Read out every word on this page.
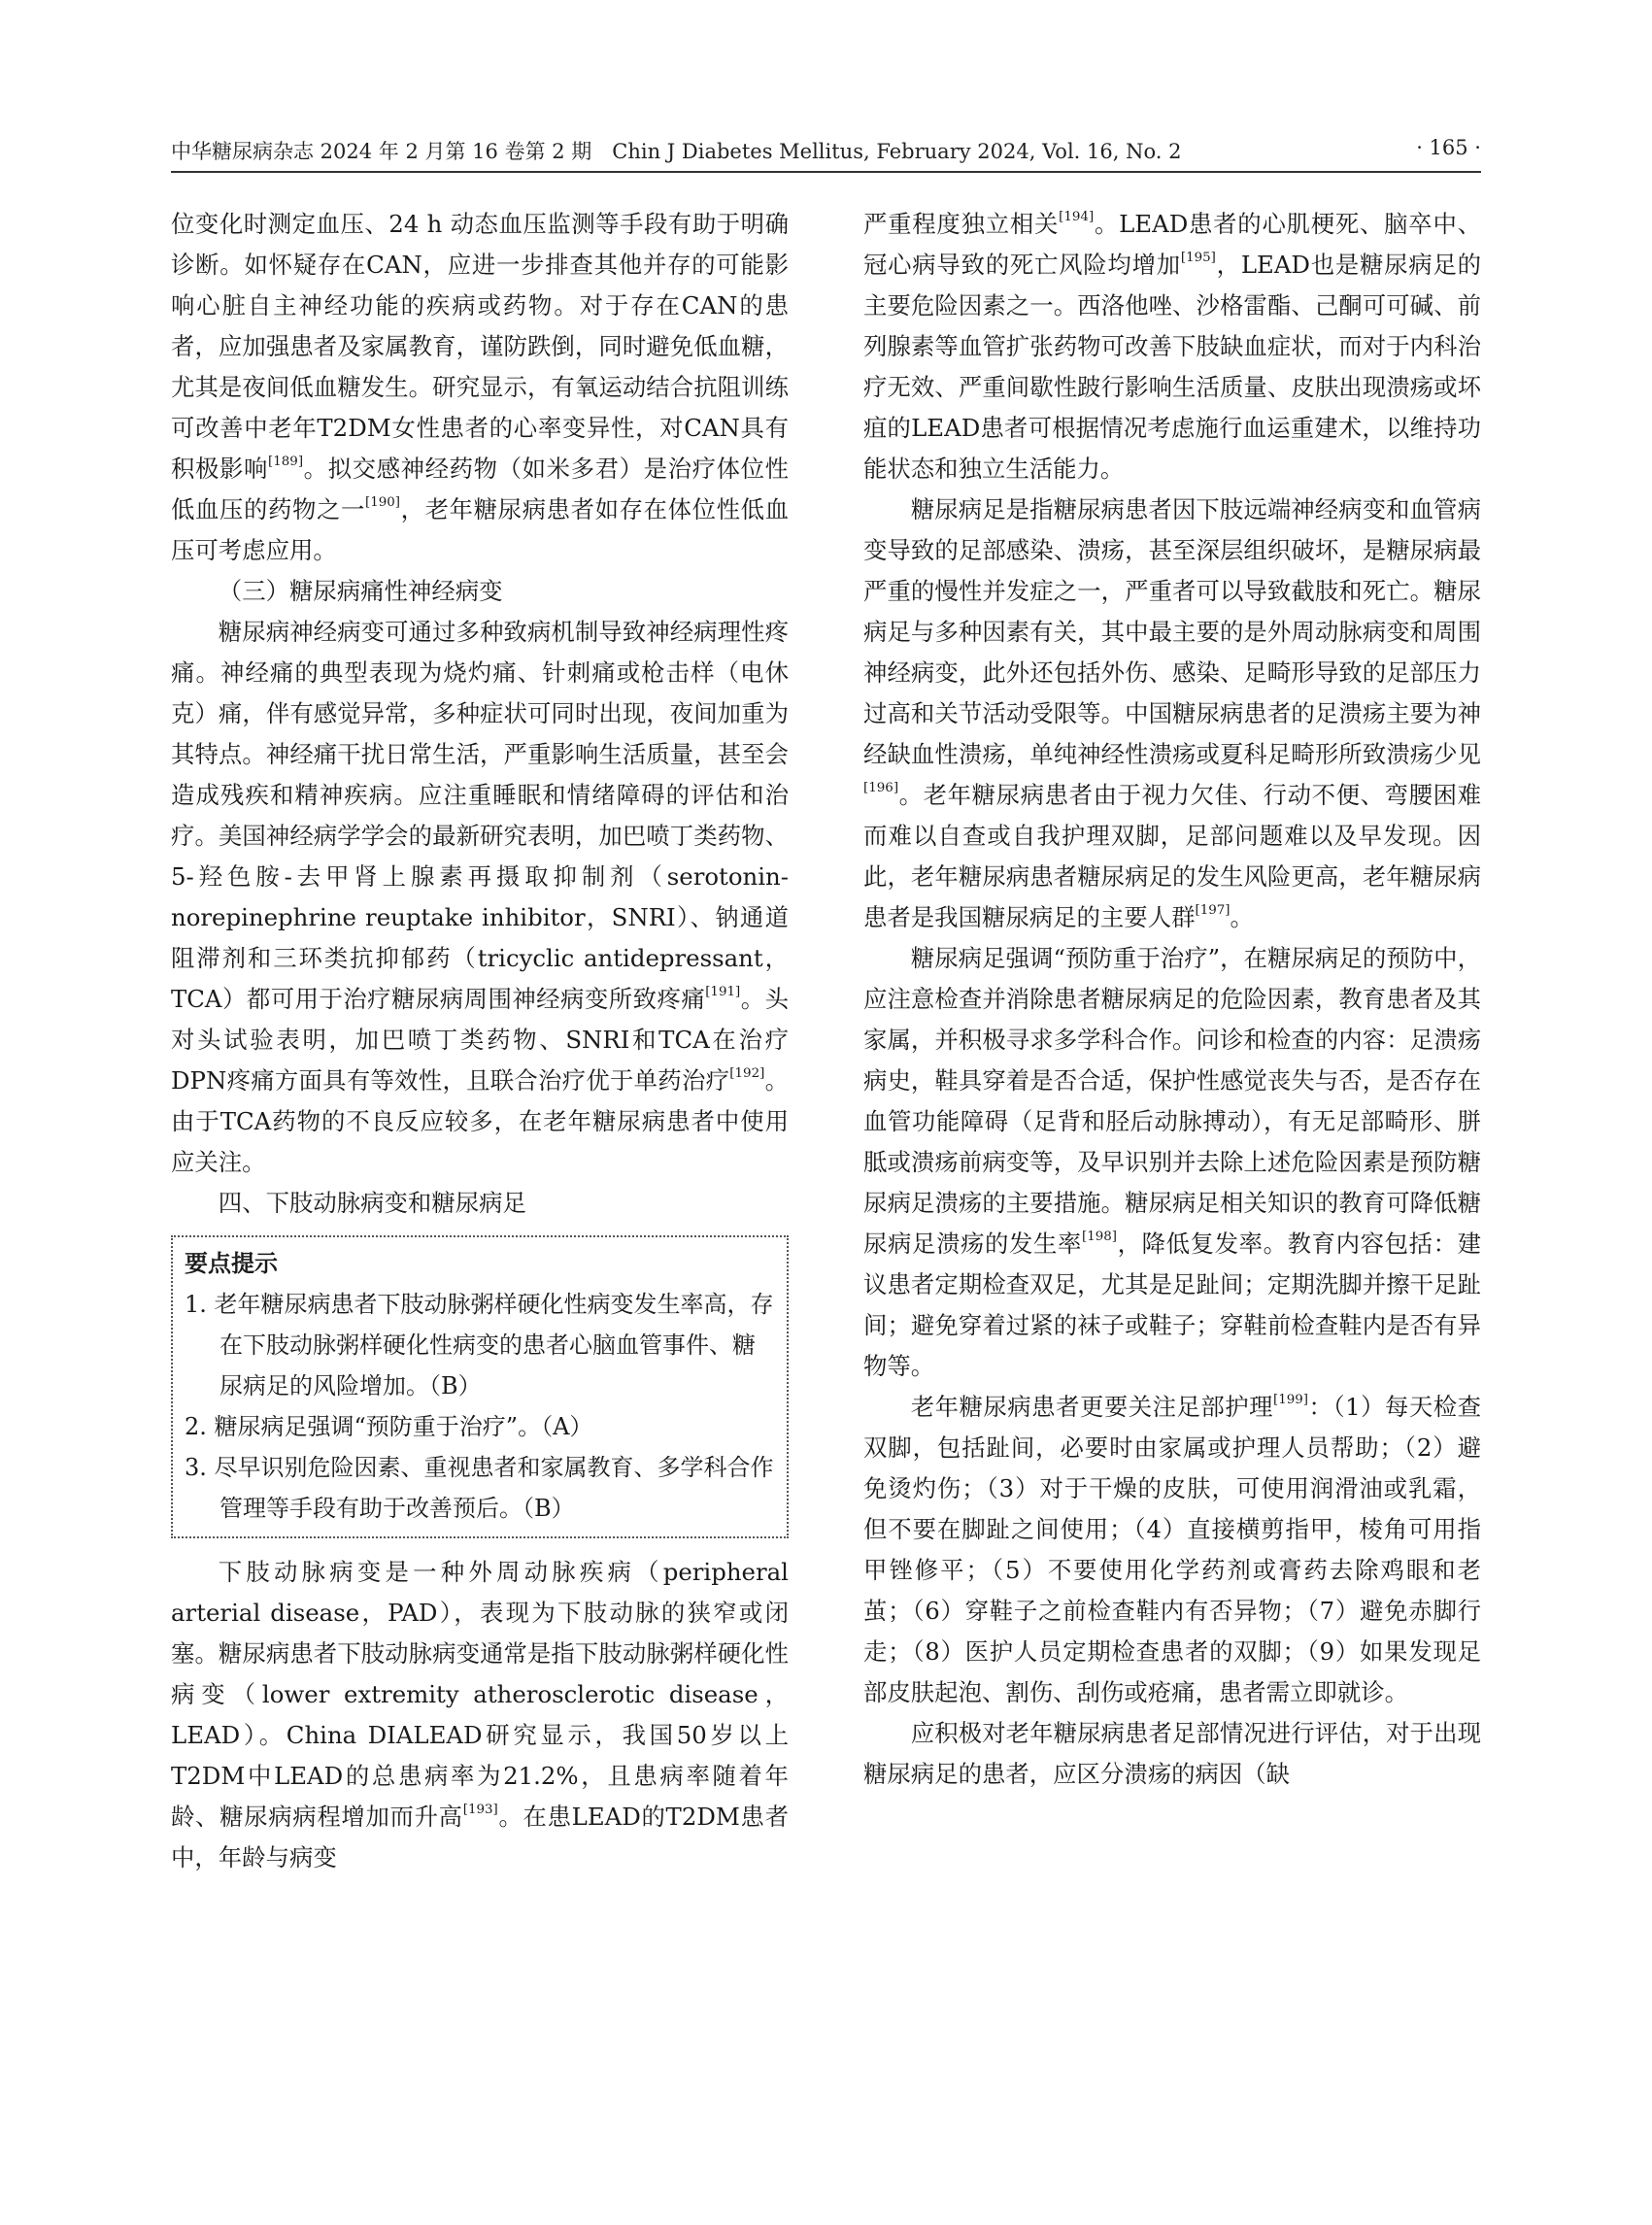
中华糖尿病杂志 2024 年 2 月第 16 卷第 2 期　Chin J Diabetes Mellitus, February 2024, Vol. 16, No. 2	· 165 ·

位变化时测定血压、24 h 动态血压监测等手段有助于明确诊断。如怀疑存在CAN，应进一步排查其他并存的可能影响心脏自主神经功能的疾病或药物。对于存在CAN的患者，应加强患者及家属教育，谨防跌倒，同时避免低血糖，尤其是夜间低血糖发生。研究显示，有氧运动结合抗阻训练可改善中老年T2DM女性患者的心率变异性，对CAN具有积极影响[189]。拟交感神经药物（如米多君）是治疗体位性低血压的药物之一[190]，老年糖尿病患者如存在体位性低血压可考虑应用。

（三）糖尿病痛性神经病变

糖尿病神经病变可通过多种致病机制导致神经病理性疼痛。神经痛的典型表现为烧灼痛、针刺痛或枪击样（电休克）痛，伴有感觉异常，多种症状可同时出现，夜间加重为其特点。神经痛干扰日常生活，严重影响生活质量，甚至会造成残疾和精神疾病。应注重睡眠和情绪障碍的评估和治疗。美国神经病学学会的最新研究表明，加巴喷丁类药物、5-羟色胺-去甲肾上腺素再摄取抑制剂（serotonin-norepinephrine reuptake inhibitor，SNRI）、钠通道阻滞剂和三环类抗抑郁药（tricyclic antidepressant，TCA）都可用于治疗糖尿病周围神经病变所致疼痛[191]。头对头试验表明，加巴喷丁类药物、SNRI和TCA在治疗DPN疼痛方面具有等效性，且联合治疗优于单药治疗[192]。由于TCA药物的不良反应较多，在老年糖尿病患者中使用应关注。

四、下肢动脉病变和糖尿病足

要点提示
1. 老年糖尿病患者下肢动脉粥样硬化性病变发生率高，存在下肢动脉粥样硬化性病变的患者心脑血管事件、糖尿病足的风险增加。（B）
2. 糖尿病足强调“预防重于治疗”。（A）
3. 尽早识别危险因素、重视患者和家属教育、多学科合作管理等手段有助于改善预后。（B）

下肢动脉病变是一种外周动脉疾病（peripheral arterial disease，PAD），表现为下肢动脉的狭窄或闭塞。糖尿病患者下肢动脉病变通常是指下肢动脉粥样硬化性病变（lower extremity atherosclerotic disease，LEAD）。China DIALEAD研究显示，我国50岁以上T2DM中LEAD的总患病率为21.2%，且患病率随着年龄、糖尿病病程增加而升高[193]。在患LEAD的T2DM患者中，年龄与病变

严重程度独立相关[194]。LEAD患者的心肌梗死、脑卒中、冠心病导致的死亡风险均增加[195]，LEAD也是糖尿病足的主要危险因素之一。西洛他唑、沙格雷酯、己酮可可碱、前列腺素等血管扩张药物可改善下肢缺血症状，而对于内科治疗无效、严重间歇性跛行影响生活质量、皮肤出现溃疡或坏疽的LEAD患者可根据情况考虑施行血运重建术，以维持功能状态和独立生活能力。

糖尿病足是指糖尿病患者因下肢远端神经病变和血管病变导致的足部感染、溃疡，甚至深层组织破坏，是糖尿病最严重的慢性并发症之一，严重者可以导致截肢和死亡。糖尿病足与多种因素有关，其中最主要的是外周动脉病变和周围神经病变，此外还包括外伤、感染、足畸形导致的足部压力过高和关节活动受限等。中国糖尿病患者的足溃疡主要为神经缺血性溃疡，单纯神经性溃疡或夏科足畸形所致溃疡少见[196]。老年糖尿病患者由于视力欠佳、行动不便、弯腰困难而难以自查或自我护理双脚，足部问题难以及早发现。因此，老年糖尿病患者糖尿病足的发生风险更高，老年糖尿病患者是我国糖尿病足的主要人群[197]。

糖尿病足强调“预防重于治疗”，在糖尿病足的预防中，应注意检查并消除患者糖尿病足的危险因素，教育患者及其家属，并积极寻求多学科合作。问诊和检查的内容：足溃疡病史，鞋具穿着是否合适，保护性感觉丧失与否，是否存在血管功能障碍（足背和胫后动脉搏动），有无足部畸形、胼胝或溃疡前病变等，及早识别并去除上述危险因素是预防糖尿病足溃疡的主要措施。糖尿病足相关知识的教育可降低糖尿病足溃疡的发生率[198]，降低复发率。教育内容包括：建议患者定期检查双足，尤其是足趾间；定期洗脚并擦干足趾间；避免穿着过紧的袜子或鞋子；穿鞋前检查鞋内是否有异物等。

老年糖尿病患者更要关注足部护理[199]：（1）每天检查双脚，包括趾间，必要时由家属或护理人员帮助；（2）避免烫灼伤；（3）对于干燥的皮肤，可使用润滑油或乳霜，但不要在脚趾之间使用；（4）直接横剪指甲，棱角可用指甲锉修平；（5）不要使用化学药剂或膏药去除鸡眼和老茧；（6）穿鞋子之前检查鞋内有否异物；（7）避免赤脚行走；（8）医护人员定期检查患者的双脚；（9）如果发现足部皮肤起泡、割伤、刮伤或疮痛，患者需立即就诊。

应积极对老年糖尿病患者足部情况进行评估，对于出现糖尿病足的患者，应区分溃疡的病因（缺
